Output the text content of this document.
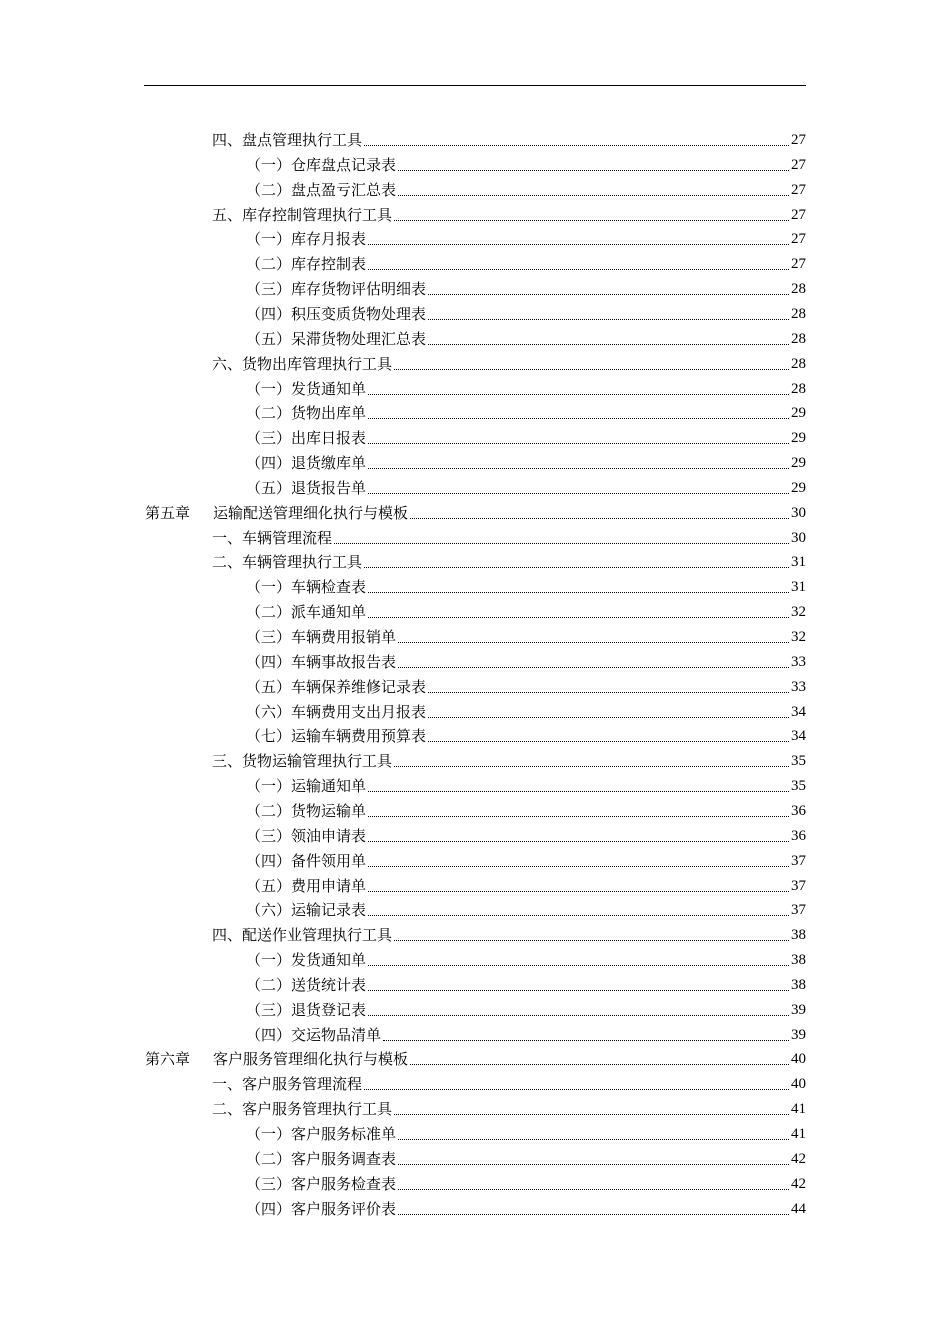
四、盘点管理执行工具	27
（一）仓库盘点记录表	27
（二）盘点盈亏汇总表	27
五、库存控制管理执行工具	27
（一）库存月报表	27
（二）库存控制表	27
（三）库存货物评估明细表	28
（四）积压变质货物处理表	28
（五）呆滞货物处理汇总表	28
六、货物出库管理执行工具	28
（一）发货通知单	28
（二）货物出库单	29
（三）出库日报表	29
（四）退货缴库单	29
（五）退货报告单	29
第五章 运输配送管理细化执行与模板	30
一、车辆管理流程	30
二、车辆管理执行工具	31
（一）车辆检查表	31
（二）派车通知单	32
（三）车辆费用报销单	32
（四）车辆事故报告表	33
（五）车辆保养维修记录表	33
（六）车辆费用支出月报表	34
（七）运输车辆费用预算表	34
三、货物运输管理执行工具	35
（一）运输通知单	35
（二）货物运输单	36
（三）领油申请表	36
（四）备件领用单	37
（五）费用申请单	37
（六）运输记录表	37
四、配送作业管理执行工具	38
（一）发货通知单	38
（二）送货统计表	38
（三）退货登记表	39
（四）交运物品清单	39
第六章 客户服务管理细化执行与模板	40
一、客户服务管理流程	40
二、客户服务管理执行工具	41
（一）客户服务标准单	41
（二）客户服务调查表	42
（三）客户服务检查表	42
（四）客户服务评价表	44
